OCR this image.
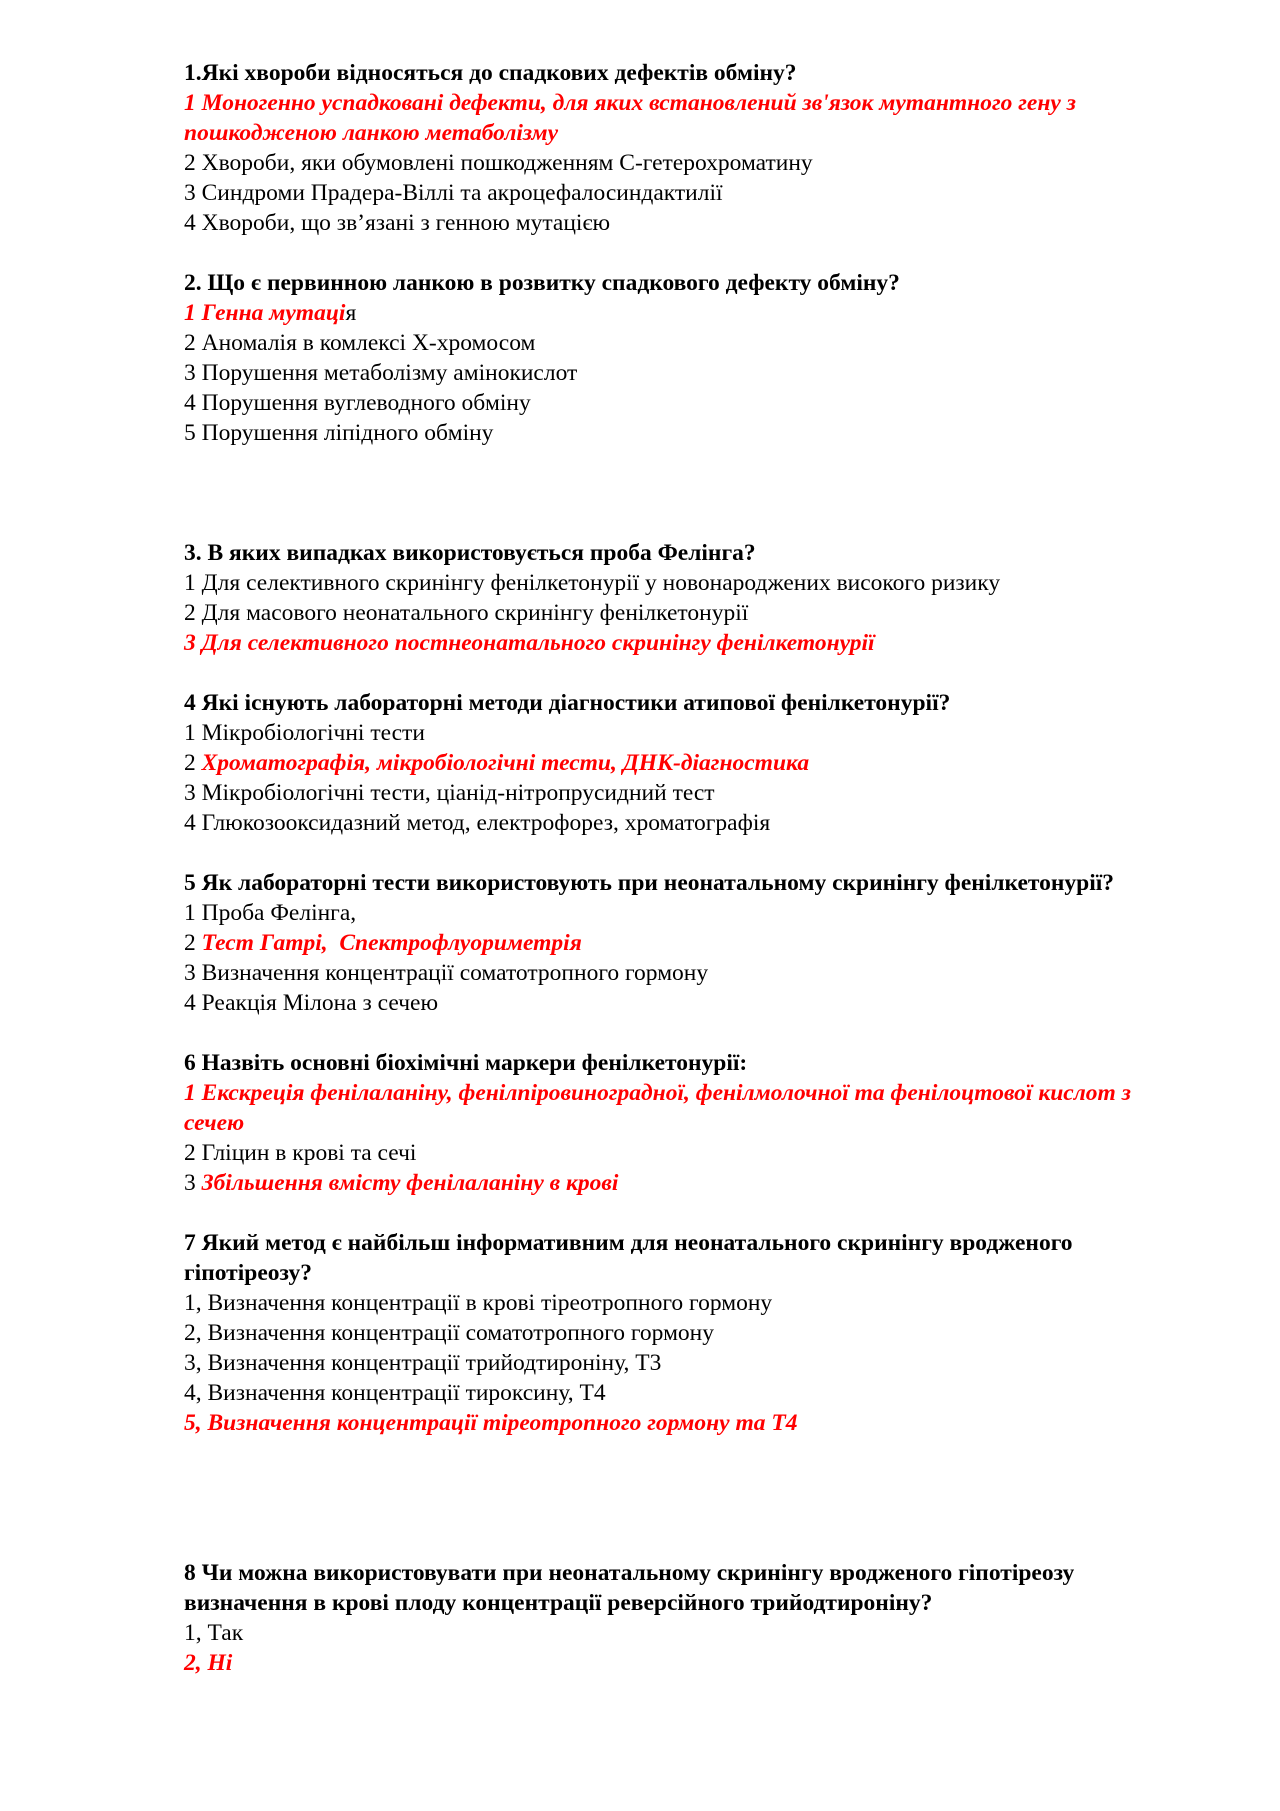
1.Які хвороби відносяться до спадкових дефектів обміну?

1 Моногенно успадковані дефекти, для яких встановлений зв'язок мутантного гену з пошкодженою ланкою метаболізму

2 Хвороби, яки обумовлені пошкодженням С-гетерохроматину

3 Синдроми Прадера-Віллі та акроцефалосиндактилії

4 Хвороби, що зв’язані з генною мутацією

2. Що є первинною ланкою в розвитку спадкового дефекту обміну?

1 Генна мутація

2 Аномалія в комлексі Х-хромосом

3 Порушення метаболізму амінокислот

4 Порушення вуглеводного обміну

5 Порушення ліпідного обміну

3. В яких випадках використовується проба Фелінга?

1 Для селективного скринінгу фенілкетонурії у новонароджених високого ризику

2 Для масового неонатального скринінгу фенілкетонурії

3 Для селективного постнеонатального скринінгу фенілкетонурії

4 Які існують лабораторні методи діагностики атипової фенілкетонурії?

1 Мікробіологічні тести

2 Хроматографія, мікробіологічні тести, ДНК-діагностика

3 Мікробіологічні тести, ціанід-нітропрусидний тест

4 Глюкозооксидазний метод, електрофорез, хроматографія

5 Як лабораторні тести використовують при неонатальному скринінгу фенілкетонурії?

1 Проба Фелінга,

2 Тест Гатрі,  Спектрофлуориметрія

3 Визначення концентрації соматотропного гормону

4 Реакція Мілона з сечею

6 Назвіть основні біохімічні маркери фенілкетонурії:

1 Екскреція фенілаланіну, фенілпіровиноградної, фенілмолочної та фенілоцтової кислот з сечею

2 Гліцин в крові та сечі

3 Збільшення вмісту фенілаланіну в крові

7 Який метод є найбільш інформативним для неонатального скринінгу вродженого гіпотіреозу?

1, Визначення концентрації в крові тіреотропного гормону

2, Визначення концентрації соматотропного гормону

3, Визначення концентрації трийодтироніну, Т3

4, Визначення концентрації тироксину, Т4

5, Визначення концентрації тіреотропного гормону та Т4

8 Чи можна використовувати при неонатальному скринінгу вродженого гіпотіреозу визначення в крові плоду концентрації реверсійного трийодтироніну?

1, Так

2, Ні
